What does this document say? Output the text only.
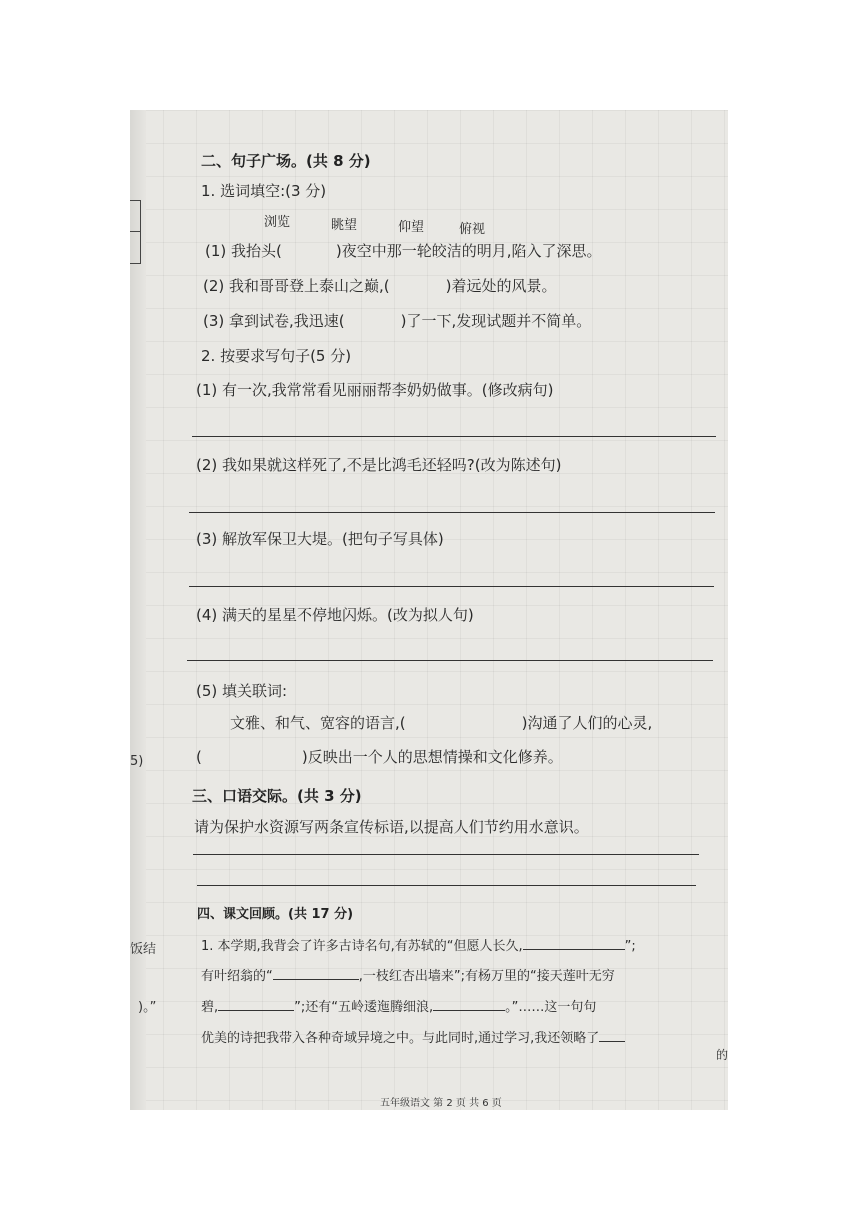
5)
饭结
)。”
的
二、句子广场。(共 8 分)
1. 选词填空:(3 分)
浏览	眺望	仰望	俯视
(1) 我抬头(	)夜空中那一轮皎洁的明月,陷入了深思。
(2) 我和哥哥登上泰山之巅,(	)着远处的风景。
(3) 拿到试卷,我迅速(	)了一下,发现试题并不简单。
2. 按要求写句子(5 分)
(1) 有一次,我常常看见丽丽帮李奶奶做事。(修改病句)
(2) 我如果就这样死了,不是比鸿毛还轻吗?(改为陈述句)
(3) 解放军保卫大堤。(把句子写具体)
(4) 满天的星星不停地闪烁。(改为拟人句)
(5) 填关联词:
文雅、和气、宽容的语言,(	)沟通了人们的心灵,
(	)反映出一个人的思想情操和文化修养。
三、口语交际。(共 3 分)
请为保护水资源写两条宣传标语,以提高人们节约用水意识。
四、课文回顾。(共 17 分)
1. 本学期,我背会了许多古诗名句,有苏轼的“但愿人长久,	”;
有叶绍翁的“	,一枝红杏出墙来”;有杨万里的“接天莲叶无穷
碧,	”;还有“五岭逶迤腾细浪,	。”……这一句句
优美的诗把我带入各种奇域异境之中。与此同时,通过学习,我还领略了
五年级语文 第 2 页 共 6 页
